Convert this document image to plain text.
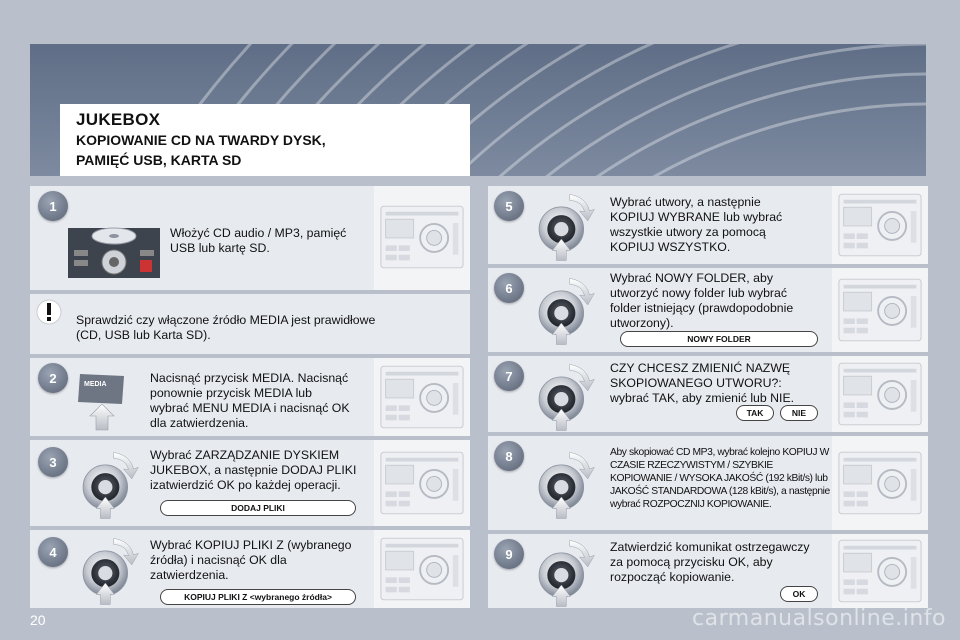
JUKEBOX
KOPIOWANIE CD NA TWARDY DYSK,
PAMIĘĆ USB, KARTA SD
1
Włożyć CD audio / MP3, pamięć USB lub kartę SD.
Sprawdzić czy włączone źródło MEDIA jest prawidłowe (CD, USB lub Karta SD).
2	MEDIA	Nacisnąć przycisk MEDIA. Nacisnąć ponownie przycisk MEDIA lub wybrać MENU MEDIA i nacisnąć OK dla zatwierdzenia.
3	Wybrać ZARZĄDZANIE DYSKIEM JUKEBOX, a następnie DODAJ PLIKI izatwierdzić OK po każdej operacji.
DODAJ PLIKI
4	Wybrać KOPIUJ PLIKI Z (wybranego źródła) i nacisnąć OK dla zatwierdzenia.
KOPIUJ PLIKI Z <wybranego źródła>
5	Wybrać utwory, a następnie KOPIUJ WYBRANE lub wybrać wszystkie utwory za pomocą KOPIUJ WSZYSTKO.
6
Wybrać NOWY FOLDER, aby utworzyć nowy folder lub wybrać folder istniejący (prawdopodobnie utworzony).
NOWY FOLDER
7
CZY CHCESZ ZMIENIĆ NAZWĘ SKOPIOWANEGO UTWORU?: wybrać TAK, aby zmienić lub NIE.
TAK	NIE
8	Aby skopiować CD MP3, wybrać kolejno KOPIUJ W CZASIE RZECZYWISTYM / SZYBKIE KOPIOWANIE / WYSOKA JAKOŚĆ (192 kBit/s) lub JAKOŚĆ STANDARDOWA (128 kBit/s), a następnie wybrać ROZPOCZNIJ KOPIOWANIE.
9	Zatwierdzić komunikat ostrzegawczy za pomocą przycisku OK, aby rozpocząć kopiowanie.
OK
20	carmanualsonline.info
